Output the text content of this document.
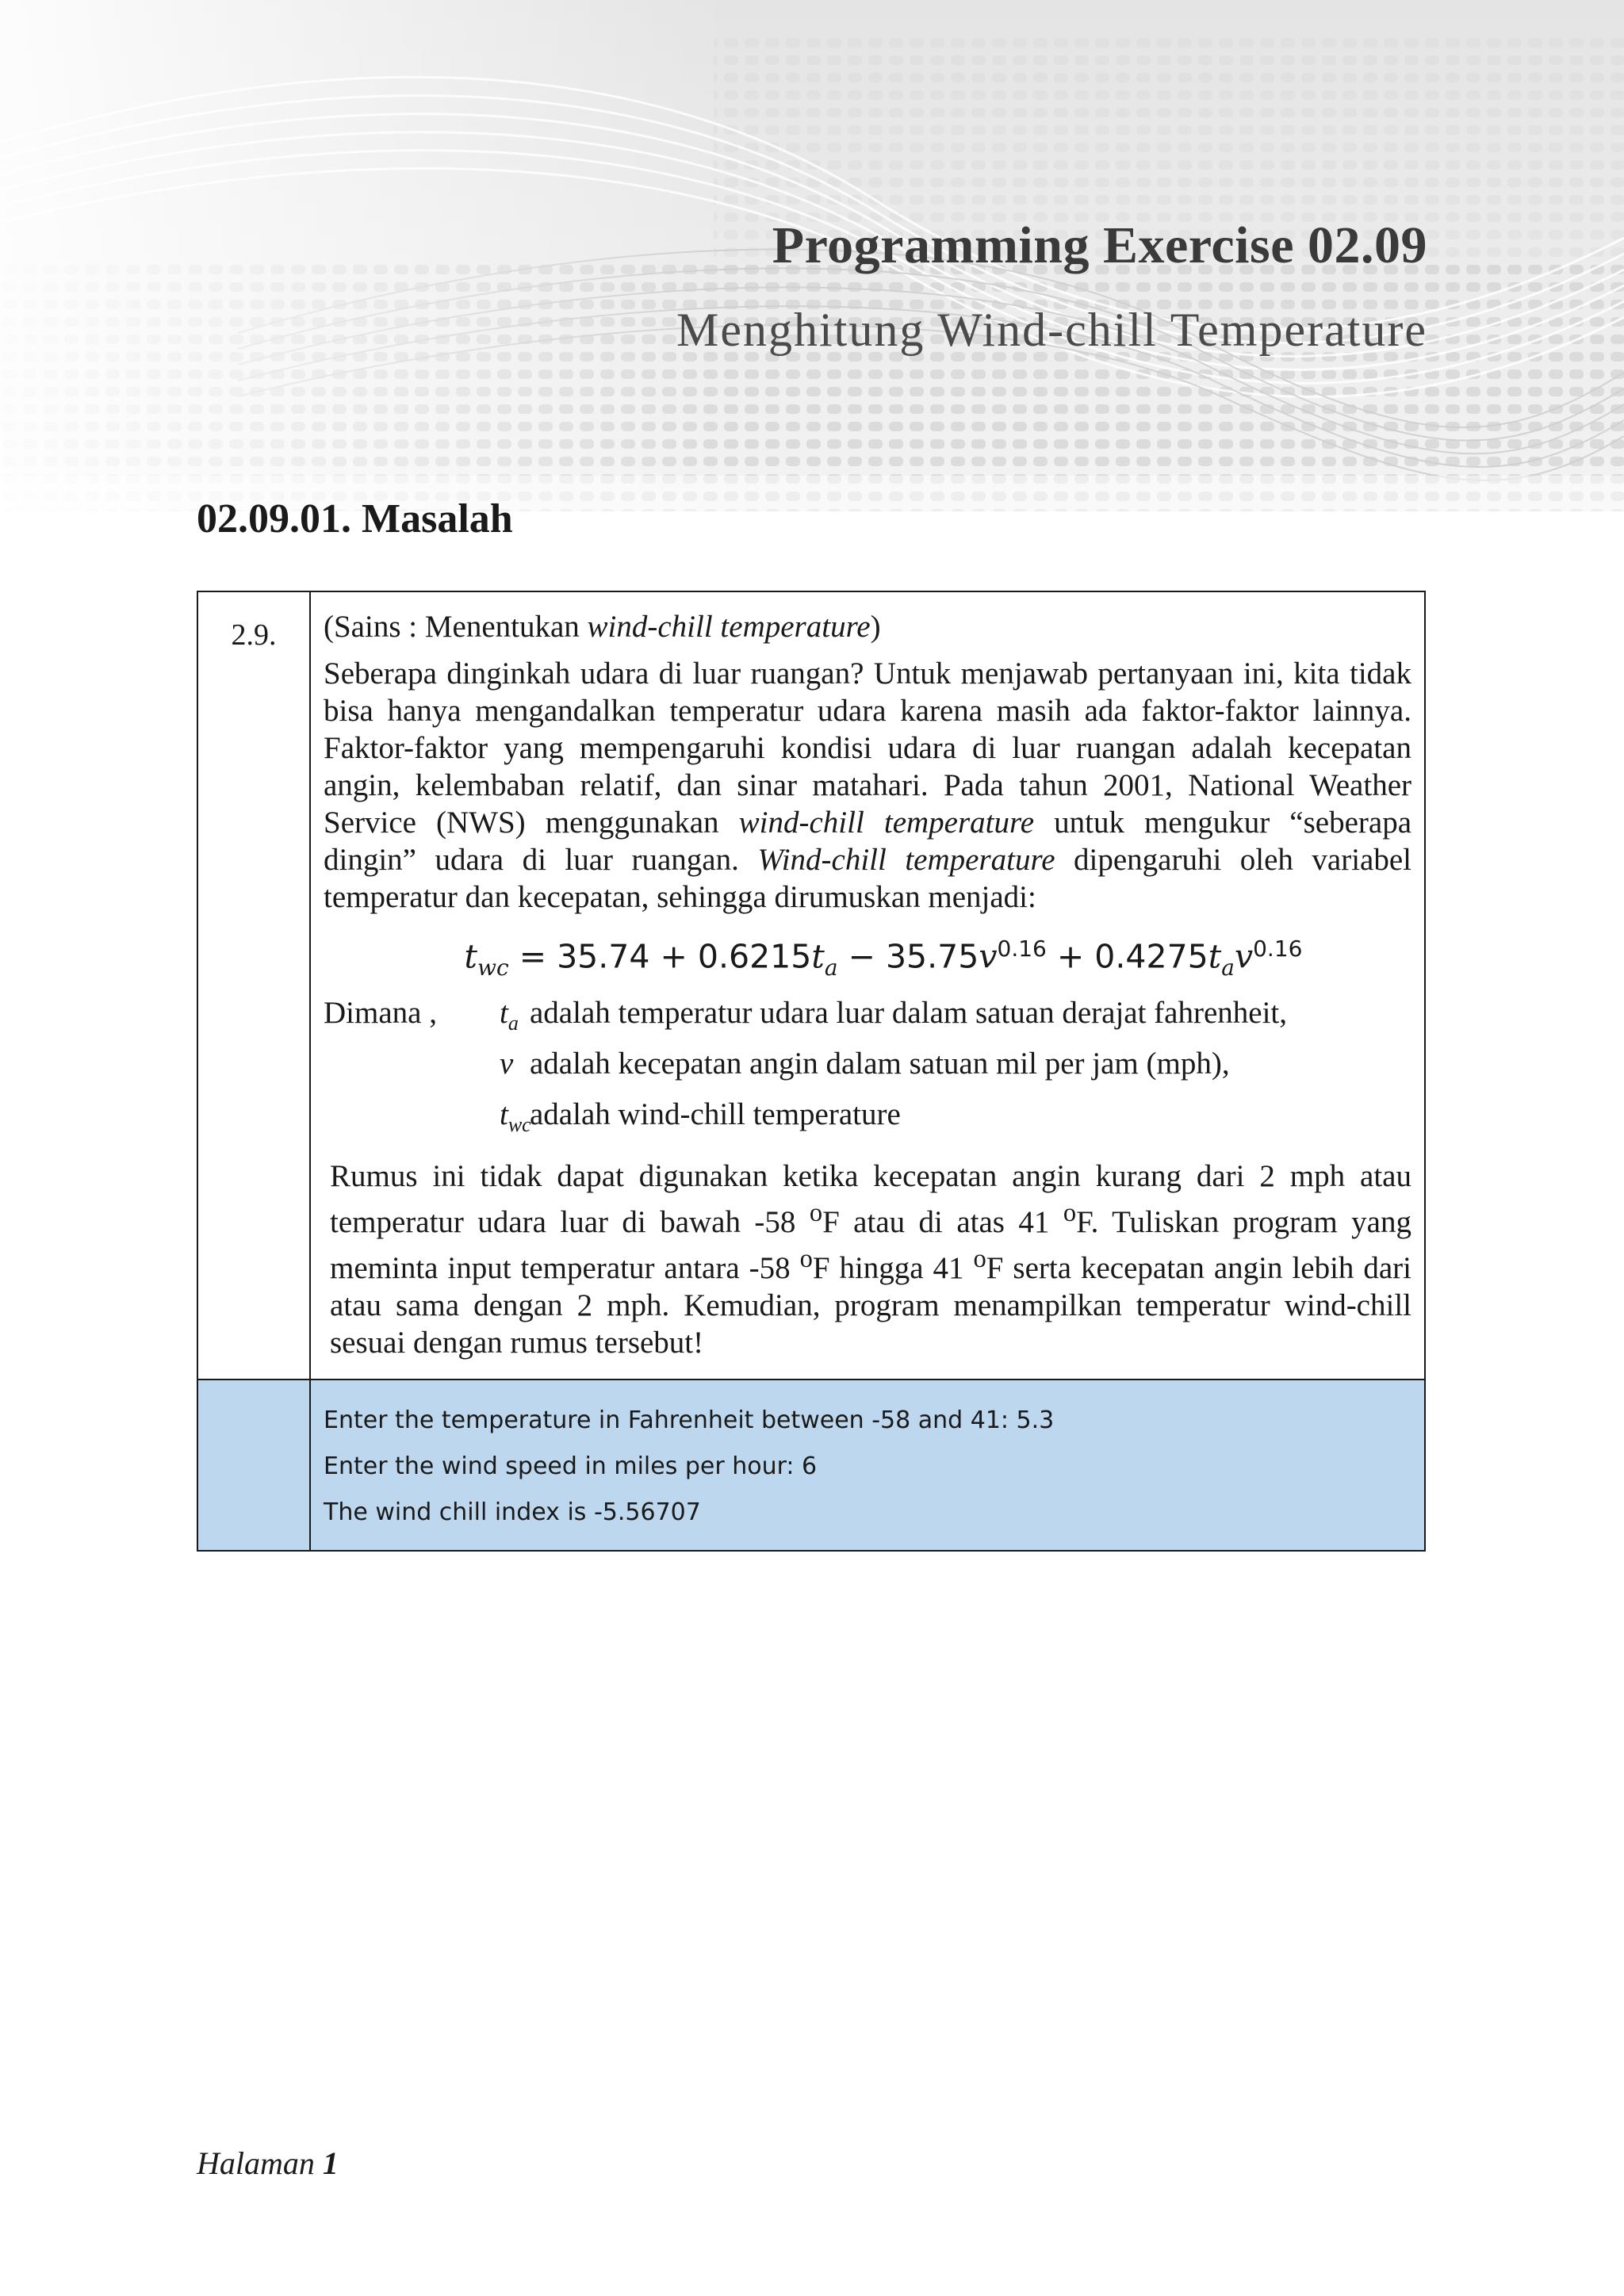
Programming Exercise 02.09
Menghitung Wind-chill Temperature
02.09.01. Masalah
2.9.	(Sains : Menentukan wind-chill temperature)

Seberapa dinginkah udara di luar ruangan? Untuk menjawab pertanyaan ini, kita tidak bisa hanya mengandalkan temperatur udara karena masih ada faktor-faktor lainnya. Faktor-faktor yang mempengaruhi kondisi udara di luar ruangan adalah kecepatan angin, kelembaban relatif, dan sinar matahari. Pada tahun 2001, National Weather Service (NWS) menggunakan wind-chill temperature untuk mengukur “seberapa dingin” udara di luar ruangan. Wind-chill temperature dipengaruhi oleh variabel temperatur dan kecepatan, sehingga dirumuskan menjadi:

$t_{wc} = 35.74 + 0.6215t_a - 35.75v^{0.16} + 0.4275t_av^{0.16}$
Dimana ,	$t_a$ adalah temperatur udara luar dalam satuan derajat fahrenheit,
v adalah kecepatan angin dalam satuan mil per jam (mph),
$t_{wc}$
adalah wind-chill temperature

Rumus ini tidak dapat digunakan ketika kecepatan angin kurang dari 2 mph atau temperatur udara luar di bawah -58 $^o$F atau di atas 41 $^o$F. Tuliskan program yang meminta input temperatur antara -58 $^o$F hingga 41 $^o$F serta kecepatan angin lebih dari atau sama dengan 2 mph. Kemudian, program menampilkan temperatur wind-chill sesuai dengan rumus tersebut!

Enter the temperature in Fahrenheit between -58 and 41: 5.3
Enter the wind speed in miles per hour: 6
The wind chill index is -5.56707
Halaman 1
